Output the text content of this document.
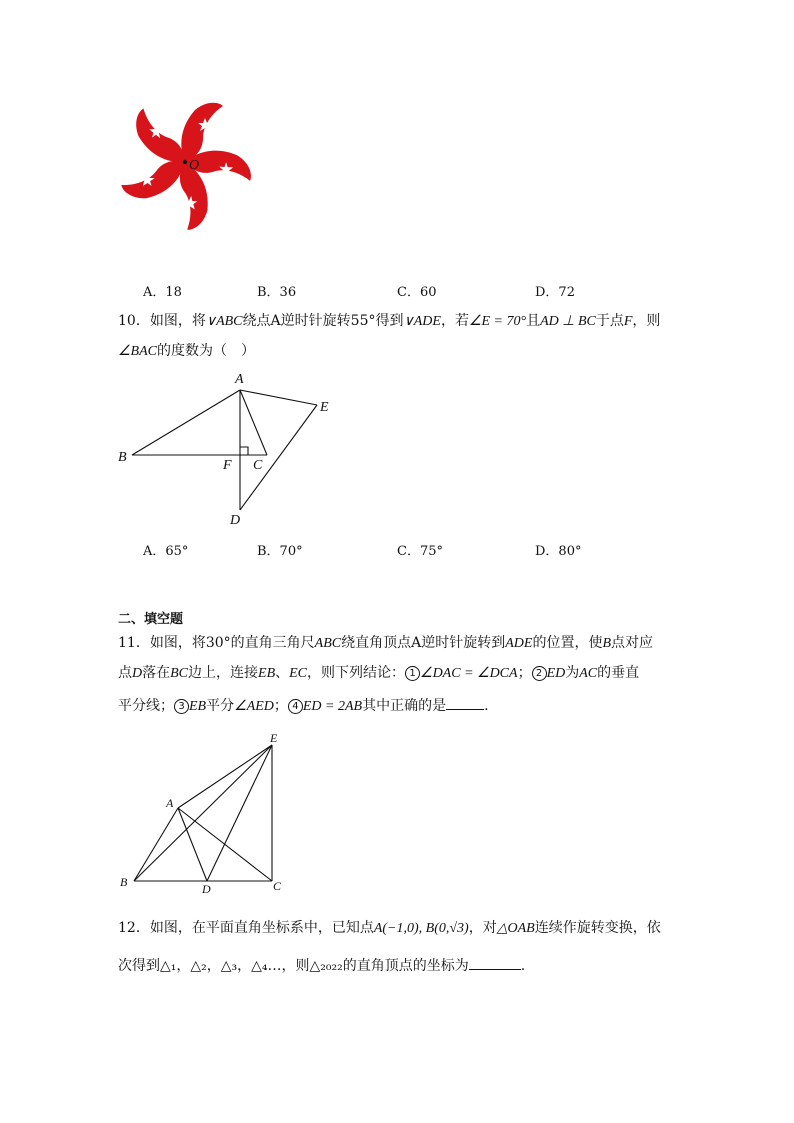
O
A．18	B．36	C．60	D．72
10．如图，将∨ABC绕点A逆时针旋转55°得到∨ADE，若∠E = 70°且AD ⊥ BC于点F，则
∠BAC的度数为（　）
A
B
C
D
E
F
A．65°	B．70°	C．75°	D．80°
二、填空题
11．如图，将30°的直角三角尺ABC绕直角顶点A逆时针旋转到ADE的位置，使B点对应
点D落在BC边上，连接EB、EC，则下列结论： 1 ∠DAC = ∠DCA； 2 ED为AC的垂直
平分线； 3 EB平分∠AED； 4 ED = 2AB其中正确的是	.
A
B	C
D
E
12．如图，在平面直角坐标系中，已知点A(−1,0), B(0,√3)，对△OAB连续作旋转变换，依
次得到△₁，△₂，△₃，△₄…，则△₂₀₂₂的直角顶点的坐标为	.
